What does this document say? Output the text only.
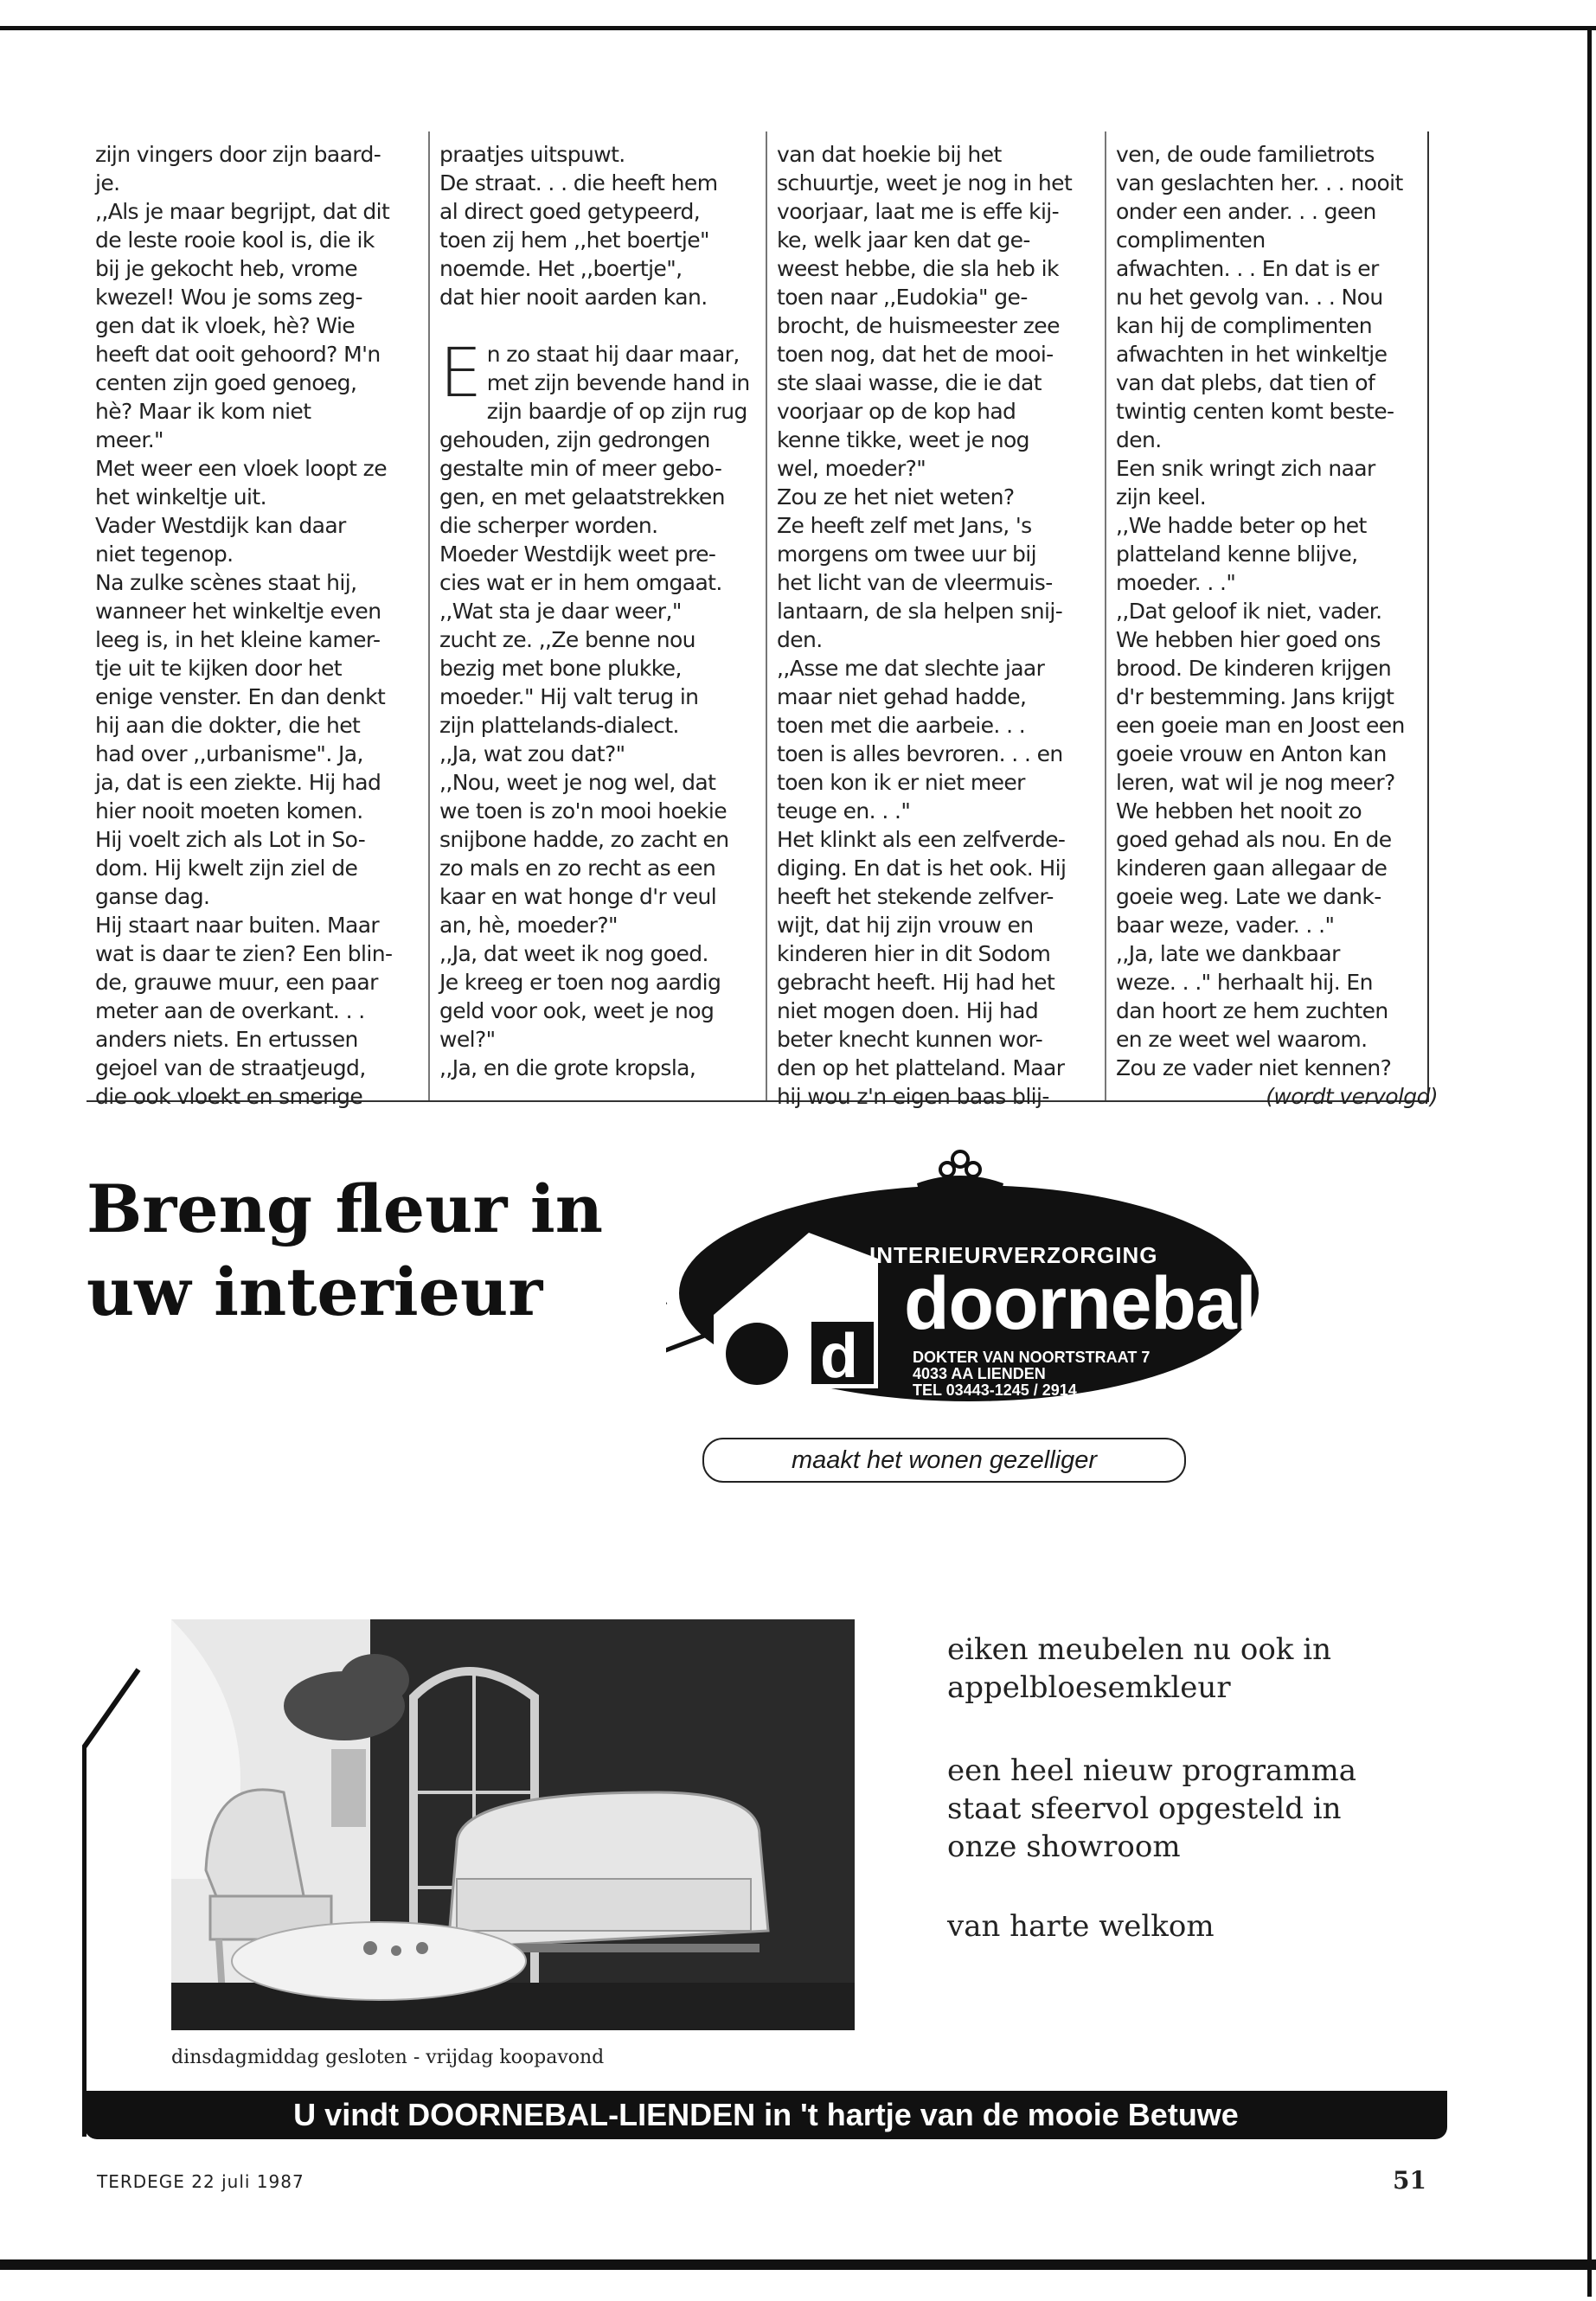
zijn vingers door zijn baard-

je.

,,Als je maar begrijpt, dat dit

de leste rooie kool is, die ik

bij je gekocht heb, vrome

kwezel! Wou je soms zeg-

gen dat ik vloek, hè? Wie

heeft dat ooit gehoord? M'n

centen zijn goed genoeg,

hè? Maar ik kom niet

meer."

Met weer een vloek loopt ze

het winkeltje uit.

Vader Westdijk kan daar

niet tegenop.

Na zulke scènes staat hij,

wanneer het winkeltje even

leeg is, in het kleine kamer-

tje uit te kijken door het

enige venster. En dan denkt

hij aan die dokter, die het

had over ,,urbanisme". Ja,

ja, dat is een ziekte. Hij had

hier nooit moeten komen.

Hij voelt zich als Lot in So-

dom. Hij kwelt zijn ziel de

ganse dag.

Hij staart naar buiten. Maar

wat is daar te zien? Een blin-

de, grauwe muur, een paar

meter aan de overkant. . .

anders niets. En ertussen

gejoel van de straatjeugd,

die ook vloekt en smerige

praatjes uitspuwt.

De straat. . . die heeft hem

al direct goed getypeerd,

toen zij hem ,,het boertje"

noemde. Het ,,boertje",

dat hier nooit aarden kan.

En zo staat hij daar maar,

met zijn bevende hand in

zijn baardje of op zijn rug

gehouden, zijn gedrongen

gestalte min of meer gebo-

gen, en met gelaatstrekken

die scherper worden.

Moeder Westdijk weet pre-

cies wat er in hem omgaat.

,,Wat sta je daar weer,"

zucht ze. ,,Ze benne nou

bezig met bone plukke,

moeder." Hij valt terug in

zijn plattelands-dialect.

,,Ja, wat zou dat?"

,,Nou, weet je nog wel, dat

we toen is zo'n mooi hoekie

snijbone hadde, zo zacht en

zo mals en zo recht as een

kaar en wat honge d'r veul

an, hè, moeder?"

,,Ja, dat weet ik nog goed.

Je kreeg er toen nog aardig

geld voor ook, weet je nog

wel?"

,,Ja, en die grote kropsla,

van dat hoekie bij het

schuurtje, weet je nog in het

voorjaar, laat me is effe kij-

ke, welk jaar ken dat ge-

weest hebbe, die sla heb ik

toen naar ,,Eudokia" ge-

brocht, de huismeester zee

toen nog, dat het de mooi-

ste slaai wasse, die ie dat

voorjaar op de kop had

kenne tikke, weet je nog

wel, moeder?"

Zou ze het niet weten?

Ze heeft zelf met Jans, 's

morgens om twee uur bij

het licht van de vleermuis-

lantaarn, de sla helpen snij-

den.

,,Asse me dat slechte jaar

maar niet gehad hadde,

toen met die aarbeie. . .

toen is alles bevroren. . . en

toen kon ik er niet meer

teuge en. . ."

Het klinkt als een zelfverde-

diging. En dat is het ook. Hij

heeft het stekende zelfver-

wijt, dat hij zijn vrouw en

kinderen hier in dit Sodom

gebracht heeft. Hij had het

niet mogen doen. Hij had

beter knecht kunnen wor-

den op het platteland. Maar

hij wou z'n eigen baas blij-

ven, de oude familietrots

van geslachten her. . . nooit

onder een ander. . . geen

complimenten

afwachten. . . En dat is er

nu het gevolg van. . . Nou

kan hij de complimenten

afwachten in het winkeltje

van dat plebs, dat tien of

twintig centen komt beste-

den.

Een snik wringt zich naar

zijn keel.

,,We hadde beter op het

platteland kenne blijve,

moeder. . ."

,,Dat geloof ik niet, vader.

We hebben hier goed ons

brood. De kinderen krijgen

d'r bestemming. Jans krijgt

een goeie man en Joost een

goeie vrouw en Anton kan

leren, wat wil je nog meer?

We hebben het nooit zo

goed gehad als nou. En de

kinderen gaan allegaar de

goeie weg. Late we dank-

baar weze, vader. . ."

,,Ja, late we dankbaar

weze. . ." herhaalt hij. En

dan hoort ze hem zuchten

en ze weet wel waarom.

Zou ze vader niet kennen?

(wordt vervolgd)

Breng fleur in
uw interieur
d
INTERIEURVERZORGING
doornebal
DOKTER VAN NOORTSTRAAT 7
4033 AA LIENDEN
TEL 03443-1245 / 2914
maakt het wonen gezelliger
eiken meubelen nu ook in
appelbloesemkleur
een heel nieuw programma
staat sfeervol opgesteld in
onze showroom
van harte welkom
dinsdagmiddag gesloten - vrijdag koopavond
U vindt DOORNEBAL-LIENDEN in 't hartje van de mooie Betuwe
TERDEGE 22 juli 1987	51
